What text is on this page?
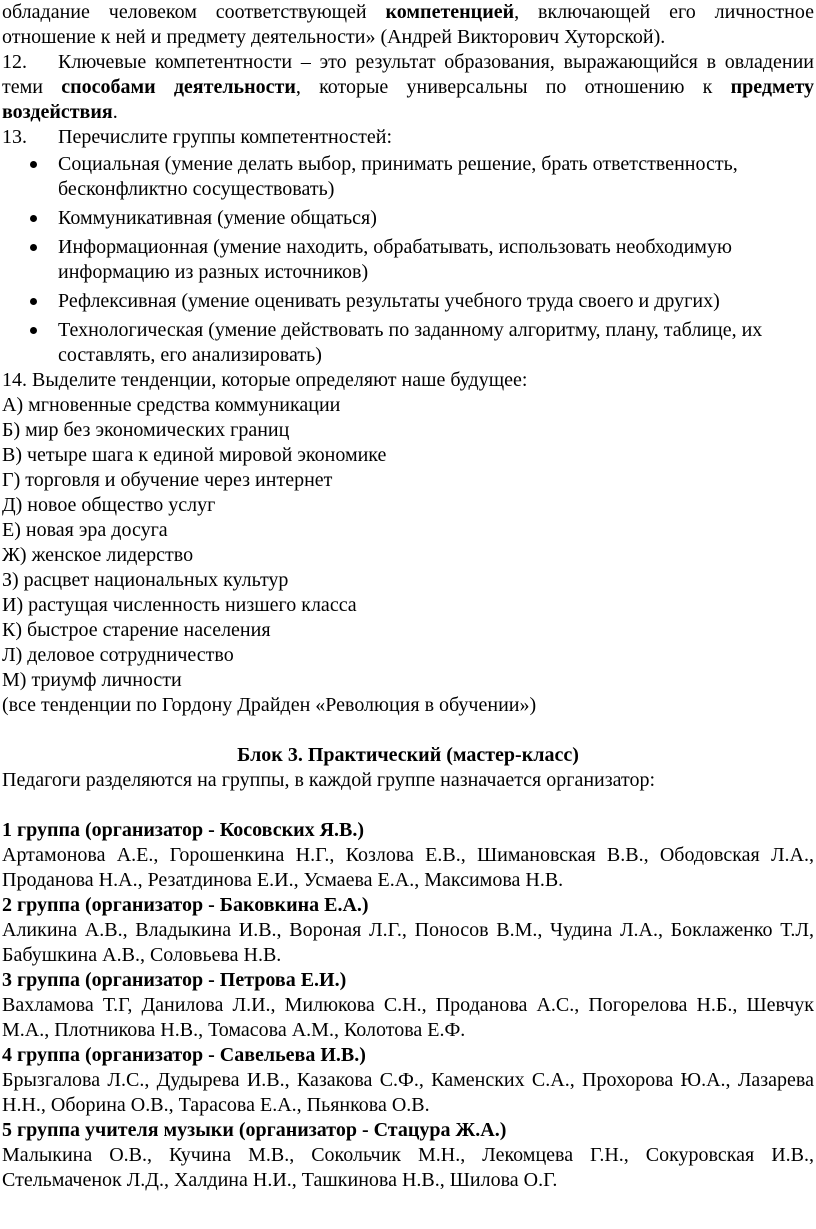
обладание человеком соответствующей компетенцией, включающей его личностное
отношение к ней и предмету деятельности» (Андрей Викторович Хуторской).
12. Ключевые компетентности – это результат образования, выражающийся в овладении теми способами деятельности, которые универсальны по отношению к предмету воздействия.
13. Перечислите группы компетентностей:
Социальная (умение делать выбор, принимать решение, брать ответственность, бесконфликтно сосуществовать)
Коммуникативная (умение общаться)
Информационная (умение находить, обрабатывать, использовать необходимую информацию из разных источников)
Рефлексивная (умение оценивать результаты учебного труда своего и других)
Технологическая (умение действовать по заданному алгоритму, плану, таблице, их составлять, его анализировать)
14. Выделите тенденции, которые определяют наше будущее:
А) мгновенные средства коммуникации
Б) мир без экономических границ
В) четыре шага к единой мировой экономике
Г) торговля и обучение через интернет
Д) новое общество услуг
Е) новая эра досуга
Ж) женское лидерство
З) расцвет национальных культур
И) растущая численность низшего класса
К) быстрое старение населения
Л) деловое сотрудничество
М) триумф личности
(все тенденции по Гордону Драйден «Революция в обучении»)
Блок 3. Практический (мастер-класс)
Педагоги разделяются на группы, в каждой группе назначается организатор:
1 группа (организатор - Косовских Я.В.)
Артамонова А.Е., Горошенкина Н.Г., Козлова Е.В., Шимановская В.В., Ободовская Л.А., Проданова Н.А., Резатдинова Е.И., Усмаева Е.А., Максимова Н.В.
2 группа (организатор - Баковкина Е.А.)
Аликина А.В., Владыкина И.В., Вороная Л.Г., Поносов В.М., Чудина Л.А., Боклаженко Т.Л, Бабушкина А.В., Соловьева Н.В.
3 группа (организатор - Петрова Е.И.)
Вахламова Т.Г, Данилова Л.И., Милюкова С.Н., Проданова А.С., Погорелова Н.Б., Шевчук М.А., Плотникова Н.В., Томасова А.М., Колотова Е.Ф.
4 группа (организатор - Савельева И.В.)
Брызгалова Л.С., Дудырева И.В., Казакова С.Ф., Каменских С.А., Прохорова Ю.А., Лазарева Н.Н., Оборина О.В., Тарасова Е.А., Пьянкова О.В.
5 группа учителя музыки (организатор - Стацура Ж.А.)
Малыкина О.В., Кучина М.В., Сокольчик М.Н., Лекомцева Г.Н., Сокуровская И.В., Стельмаченок Л.Д., Халдина Н.И., Ташкинова Н.В., Шилова О.Г.
